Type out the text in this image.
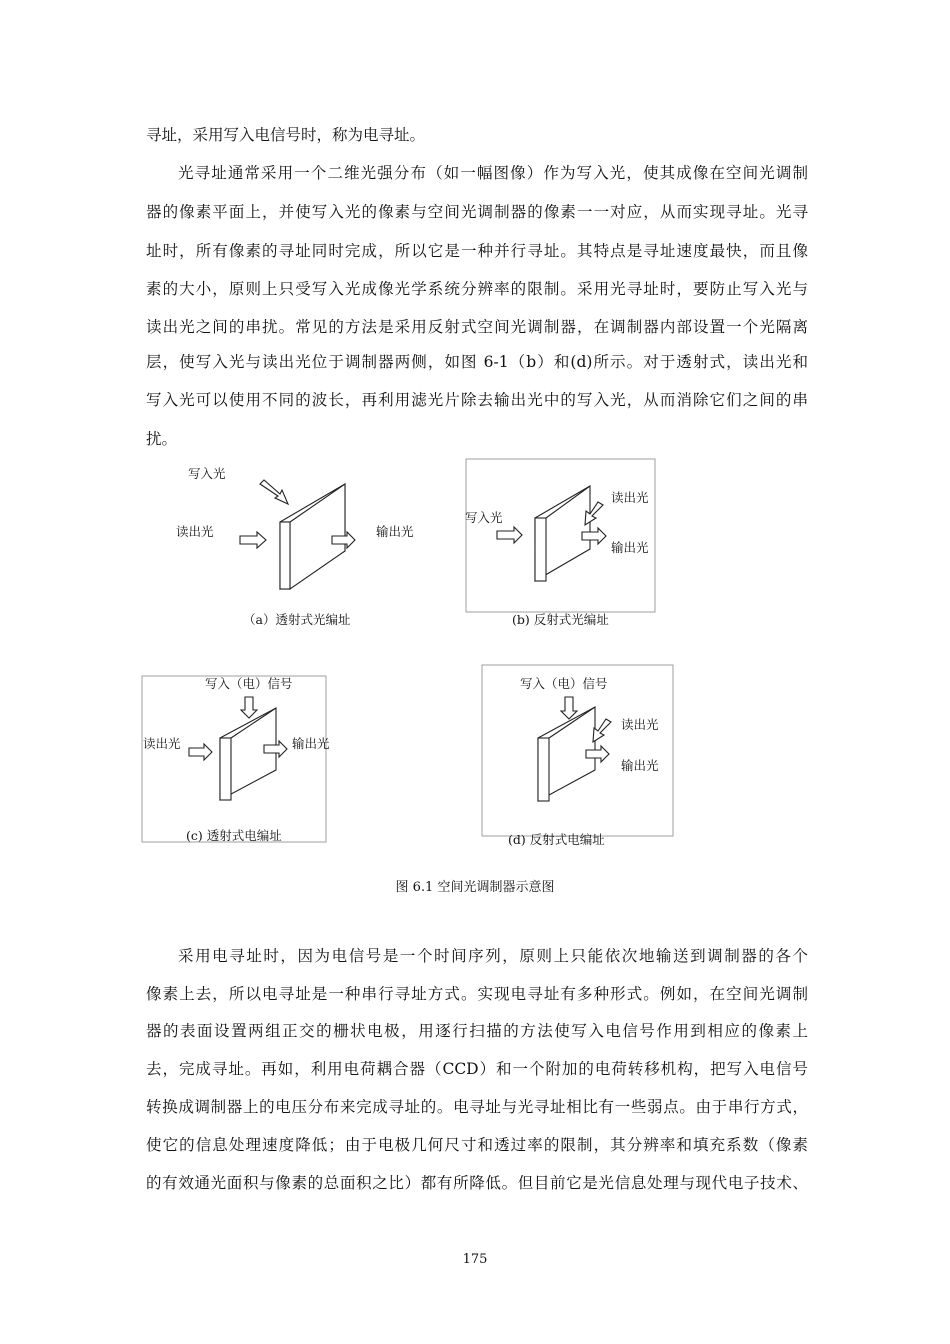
寻址，采用写入电信号时，称为电寻址。
光寻址通常采用一个二维光强分布（如一幅图像）作为写入光，使其成像在空间光调制
器的像素平面上，并使写入光的像素与空间光调制器的像素一一对应，从而实现寻址。光寻
址时，所有像素的寻址同时完成，所以它是一种并行寻址。其特点是寻址速度最快，而且像
素的大小，原则上只受写入光成像光学系统分辨率的限制。采用光寻址时，要防止写入光与
读出光之间的串扰。常见的方法是采用反射式空间光调制器，在调制器内部设置一个光隔离
层，使写入光与读出光位于调制器两侧，如图 6-1（b）和(d)所示。对于透射式，读出光和
写入光可以使用不同的波长，再利用滤光片除去输出光中的写入光，从而消除它们之间的串
扰。
写入光
读出光	输出光
（a）透射式光编址
写入光
读出光
输出光
(b) 反射式光编址
写入（电）信号
读出光	输出光
(c) 透射式电编址
写入（电）信号
读出光
输出光
(d) 反射式电编址
图 6.1 空间光调制器示意图
采用电寻址时，因为电信号是一个时间序列，原则上只能依次地输送到调制器的各个
像素上去，所以电寻址是一种串行寻址方式。实现电寻址有多种形式。例如，在空间光调制
器的表面设置两组正交的栅状电极，用逐行扫描的方法使写入电信号作用到相应的像素上
去，完成寻址。再如，利用电荷耦合器（CCD）和一个附加的电荷转移机构，把写入电信号
转换成调制器上的电压分布来完成寻址的。电寻址与光寻址相比有一些弱点。由于串行方式，
使它的信息处理速度降低；由于电极几何尺寸和透过率的限制，其分辨率和填充系数（像素
的有效通光面积与像素的总面积之比）都有所降低。但目前它是光信息处理与现代电子技术、
175
